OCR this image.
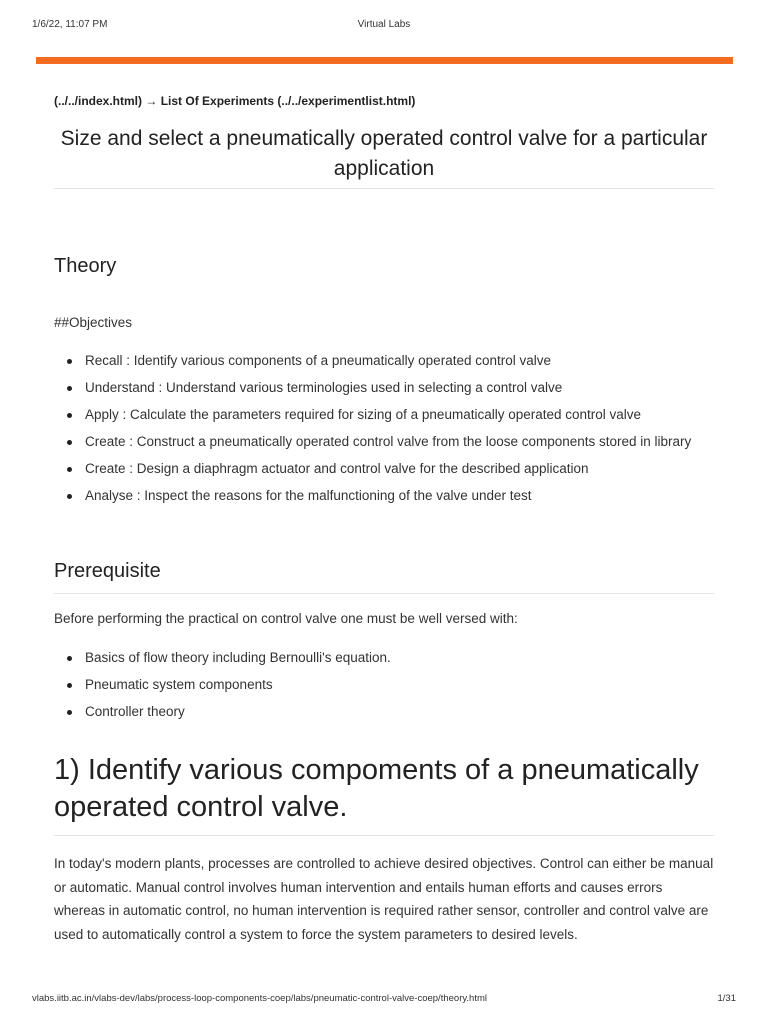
1/6/22, 11:07 PM	Virtual Labs
(../../index.html) → List Of Experiments (../../experimentlist.html)
Size and select a pneumatically operated control valve for a particular application
Theory
##Objectives
Recall : Identify various components of a pneumatically operated control valve
Understand : Understand various terminologies used in selecting a control valve
Apply : Calculate the parameters required for sizing of a pneumatically operated control valve
Create : Construct a pneumatically operated control valve from the loose components stored in library
Create : Design a diaphragm actuator and control valve for the described application
Analyse : Inspect the reasons for the malfunctioning of the valve under test
Prerequisite
Before performing the practical on control valve one must be well versed with:
Basics of flow theory including Bernoulli's equation.
Pneumatic system components
Controller theory
1) Identify various compoments of a pneumatically operated control valve.

In today's modern plants, processes are controlled to achieve desired objectives. Control can either be manual or automatic. Manual control involves human intervention and entails human efforts and causes errors whereas in automatic control, no human intervention is required rather sensor, controller and control valve are used to automatically control a system to force the system parameters to desired levels.

vlabs.iitb.ac.in/vlabs-dev/labs/process-loop-components-coep/labs/pneumatic-control-valve-coep/theory.html	1/31
